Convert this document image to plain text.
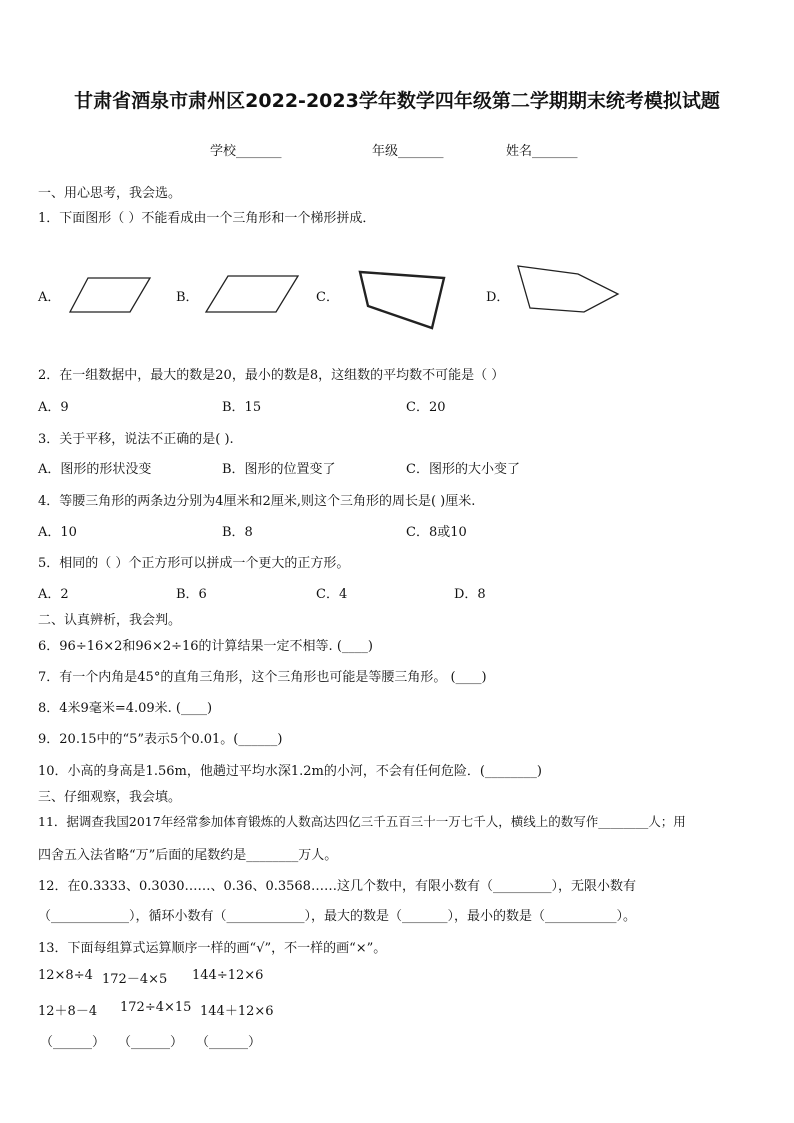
甘肃省酒泉市肃州区2022-2023学年数学四年级第二学期期末统考模拟试题
学校_______	年级_______	姓名_______
一、用心思考，我会选。
1．下面图形（ ）不能看成由一个三角形和一个梯形拼成．
A．	B．	C．	D．
2．在一组数据中，最大的数是20，最小的数是8，这组数的平均数不可能是（ ）
A．9	B．15	C．20
3．关于平移，说法不正确的是( ).
A．图形的形状没变	B．图形的位置变了	C．图形的大小变了
4．等腰三角形的两条边分别为4厘米和2厘米,则这个三角形的周长是( )厘米.
A．10	B．8	C．8或10
5．相同的（ ）个正方形可以拼成一个更大的正方形。
A．2	B．6	C．4	D．8
二、认真辨析，我会判。
6．96÷16×2和96×2÷16的计算结果一定不相等. (____)
7．有一个内角是45°的直角三角形，这个三角形也可能是等腰三角形。 (____)
8．4米9毫米=4.09米. (____)
9．20.15中的“5”表示5个0.01。(______)
10．小高的身高是1.56m，他趟过平均水深1.2m的小河，不会有任何危险．(________)
三、仔细观察，我会填。
11．据调查我国2017年经常参加体育锻炼的人数高达四亿三千五百三十一万七千人，横线上的数写作________人；用
四舍五入法省略“万”后面的尾数约是________万人。
12．在0.3333、0.3030……、0.36、0.3568……这几个数中，有限小数有（_________），无限小数有
（____________），循环小数有（____________），最大的数是（_______），最小的数是（___________）。
13．下面每组算式运算顺序一样的画“√”，不一样的画“×”。
12×8÷4 172－4×5 144÷12×6
12＋8－4 172÷4×15 144＋12×6
（______） （______） （______）
